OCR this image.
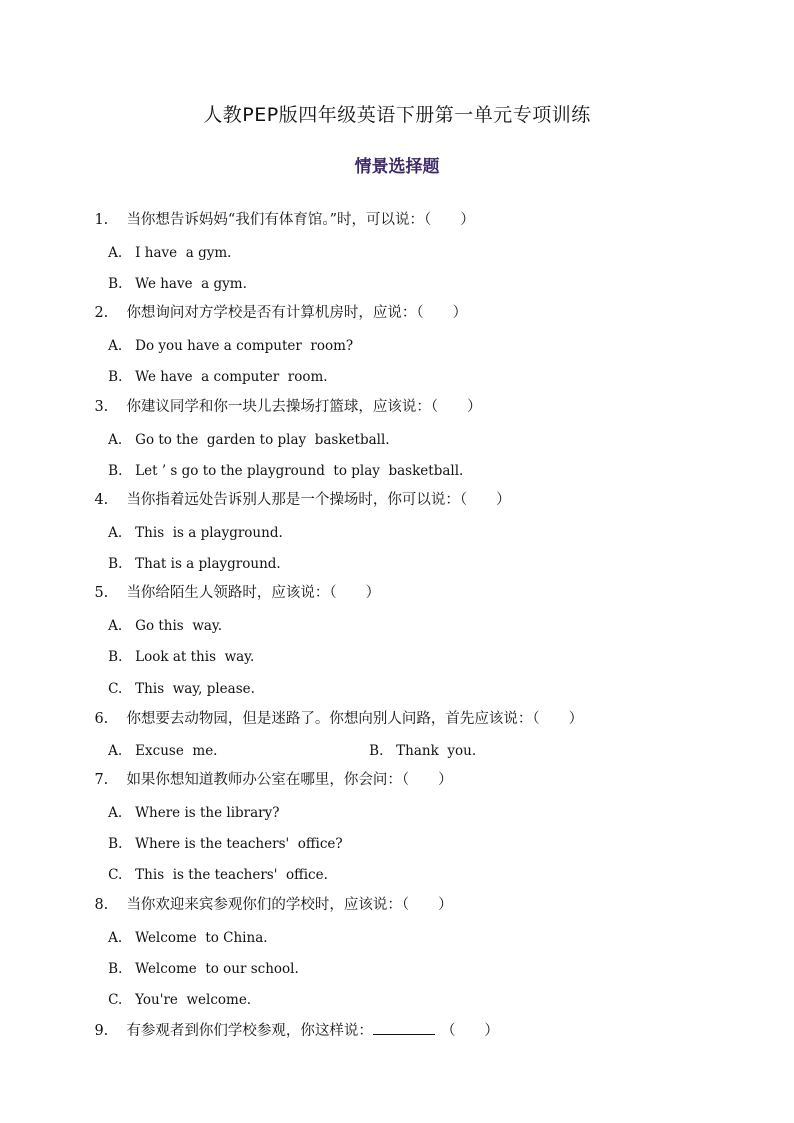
人教PEP版四年级英语下册第一单元专项训练
情景选择题

1. 当你想告诉妈妈“我们有体育馆。”时，可以说：（　　）

A. I have  a gym.

B. We have  a gym.

2. 你想询问对方学校是否有计算机房时，应说：（　　）

A. Do you have a computer  room?

B. We have  a computer  room.

3. 你建议同学和你一块儿去操场打篮球，应该说：（　　）

A. Go to the  garden to play  basketball.

B. Let ’ s go to the playground  to play  basketball.

4. 当你指着远处告诉别人那是一个操场时，你可以说：（　　）

A. This  is a playground.

B. That is a playground.

5. 当你给陌生人领路时，应该说：（　　）

A. Go this  way.

B. Look at this  way.

C. This  way, please.

6. 你想要去动物园，但是迷路了。你想向别人问路，首先应该说：（　　）

A. Excuse  me.
	B. Thank  you.

7. 如果你想知道教师办公室在哪里，你会问：（　　）

A. Where is the library?

B. Where is the teachers'  office?

C. This  is the teachers'  office.

8. 当你欢迎来宾参观你们的学校时，应该说：（　　）

A. Welcome  to China.

B. Welcome  to our school.

C. You're  welcome.

9. 有参观者到你们学校参观，你这样说：	（　　）
